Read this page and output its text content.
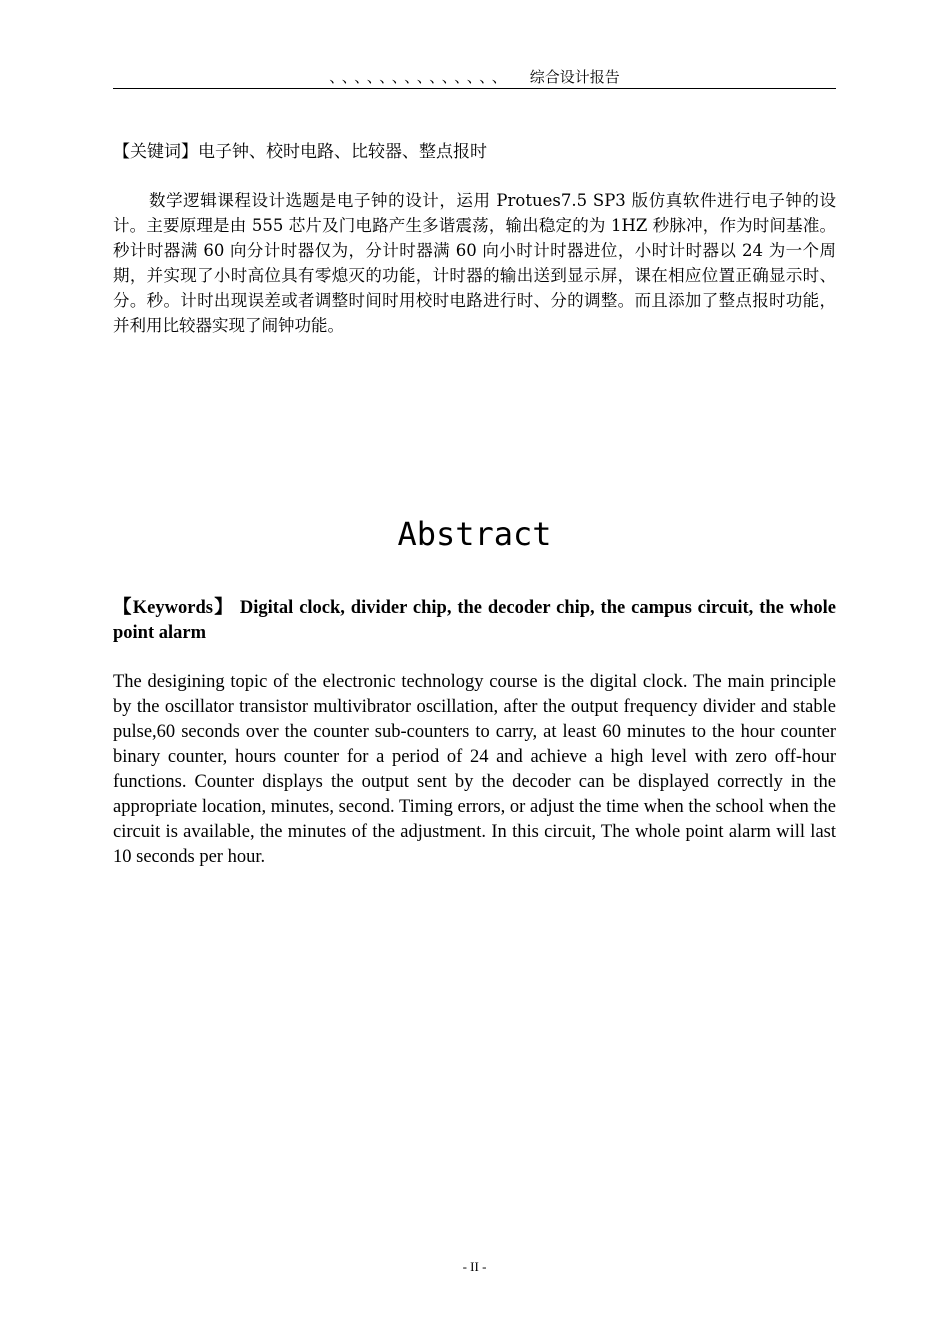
、、、、、、、、、、、、、、 综合设计报告
【关键词】电子钟、校时电路、比较器、整点报时

数学逻辑课程设计选题是电子钟的设计，运用 Protues7.5 SP3 版仿真软件进行电子钟的设计。主要原理是由 555 芯片及门电路产生多谐震荡，输出稳定的为 1HZ 秒脉冲，作为时间基准。秒计时器满 60 向分计时器仅为，分计时器满 60 向小时计时器进位，小时计时器以 24 为一个周期，并实现了小时高位具有零熄灭的功能，计时器的输出送到显示屏，课在相应位置正确显示时、分。秒。计时出现误差或者调整时间时用校时电路进行时、分的调整。而且添加了整点报时功能，并利用比较器实现了闹钟功能。

Abstract

【Keywords】 Digital clock, divider chip, the decoder chip, the campus circuit, the whole point alarm

The desigining topic of the electronic technology course is the digital clock. The main principle by the oscillator transistor multivibrator oscillation, after the output frequency divider and stable pulse,60 seconds over the counter sub-counters to carry, at least 60 minutes to the hour counter binary counter, hours counter for a period of 24 and achieve a high level with zero off-hour functions. Counter displays the output sent by the decoder can be displayed correctly in the appropriate location, minutes, second. Timing errors, or adjust the time when the school when the circuit is available, the minutes of the adjustment. In this circuit, The whole point alarm will last 10 seconds per hour.

- II -
